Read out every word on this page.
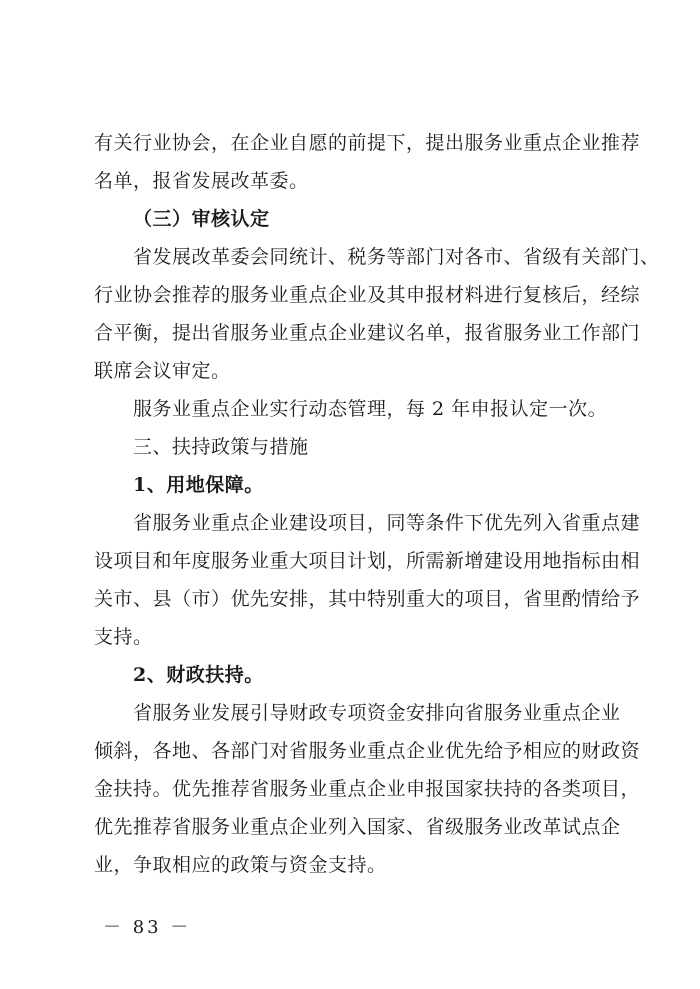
有关行业协会，在企业自愿的前提下，提出服务业重点企业推荐
名单，报省发展改革委。
（三）审核认定
省发展改革委会同统计、税务等部门对各市、省级有关部门、
行业协会推荐的服务业重点企业及其申报材料进行复核后，经综
合平衡，提出省服务业重点企业建议名单，报省服务业工作部门
联席会议审定。
服务业重点企业实行动态管理，每 2 年申报认定一次。
三、扶持政策与措施
1、用地保障。
省服务业重点企业建设项目，同等条件下优先列入省重点建
设项目和年度服务业重大项目计划，所需新增建设用地指标由相
关市、县（市）优先安排，其中特别重大的项目，省里酌情给予
支持。
2、财政扶持。
省服务业发展引导财政专项资金安排向省服务业重点企业
倾斜，各地、各部门对省服务业重点企业优先给予相应的财政资
金扶持。优先推荐省服务业重点企业申报国家扶持的各类项目，
优先推荐省服务业重点企业列入国家、省级服务业改革试点企
业，争取相应的政策与资金支持。
－ 83 －
